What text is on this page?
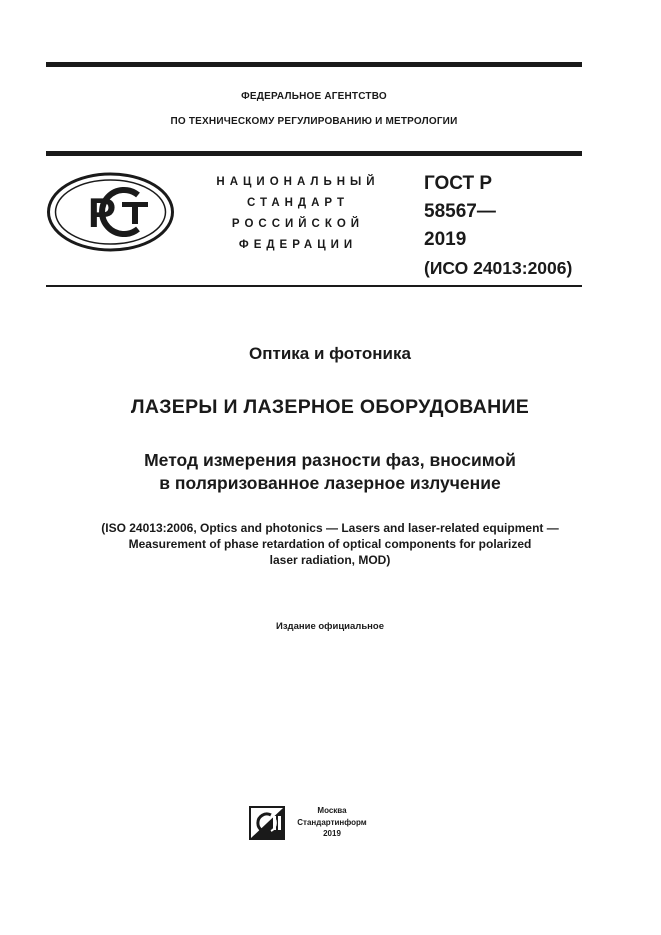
ФЕДЕРАЛЬНОЕ АГЕНТСТВО
ПО ТЕХНИЧЕСКОМУ РЕГУЛИРОВАНИЮ И МЕТРОЛОГИИ
Р
НАЦИОНАЛЬНЫЙ
СТАНДАРТ
РОССИЙСКОЙ
ФЕДЕРАЦИИ
ГОСТ Р
58567—
2019
(ИСО 24013:2006)
Оптика и фотоника
ЛАЗЕРЫ И ЛАЗЕРНОЕ ОБОРУДОВАНИЕ
Метод измерения разности фаз, вносимой
в поляризованное лазерное излучение
(ISO 24013:2006, Optics and photonics — Lasers and laser-related equipment —
Measurement of phase retardation of optical components for polarized
laser radiation, MOD)
Издание официальное
Москва
Стандартинформ
2019
